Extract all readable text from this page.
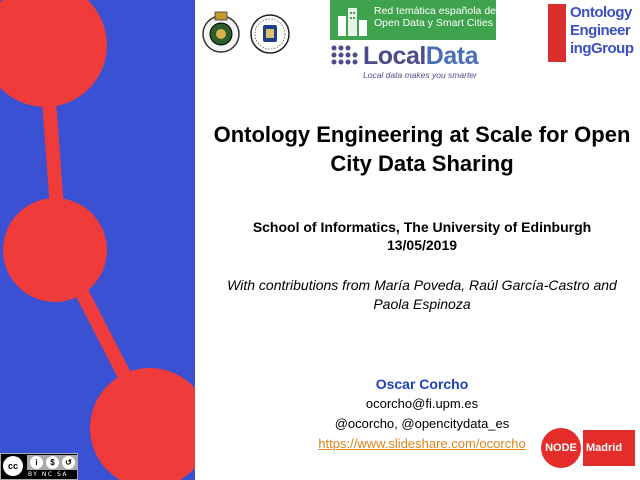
Red temática española de
Open Data y Smart Cities
LocalData
Local data makes you smarter
Ontology
Engineer
ingGroup
Ontology Engineering at Scale for Open City Data Sharing
School of Informatics, The University of Edinburgh
13/05/2019
With contributions from María Poveda, Raúl García-Castro and Paola Espinoza
Oscar Corcho
ocorcho@fi.upm.es
@ocorcho, @opencitydata_es
https://www.slideshare.com/ocorcho	NODE Madrid
cc	i	$	↺
BY NC SA
